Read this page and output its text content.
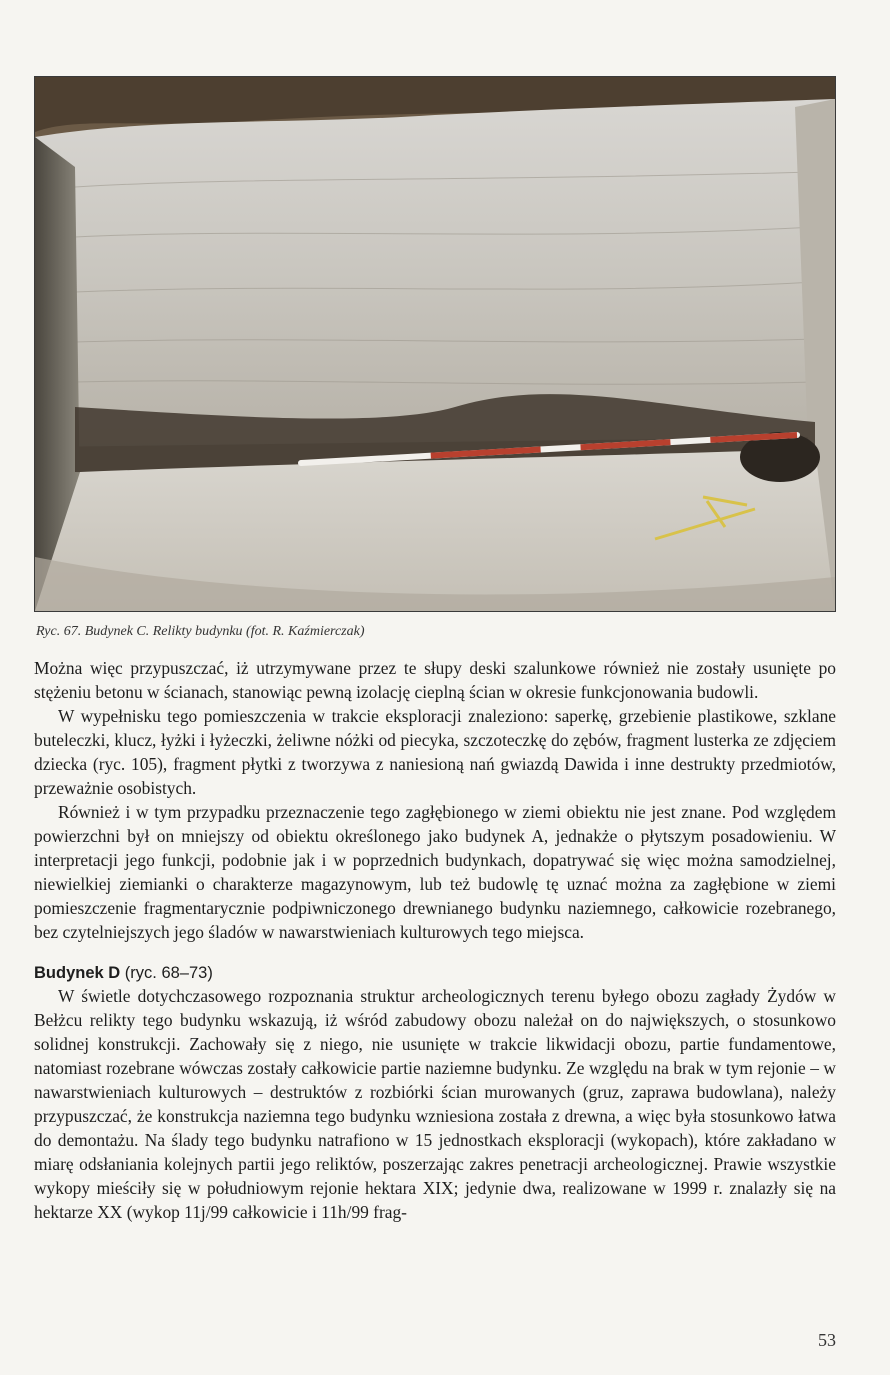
Ryc. 67. Budynek C. Relikty budynku (fot. R. Kaźmierczak)

Można więc przypuszczać, iż utrzymywane przez te słupy deski szalunkowe również nie zostały usunięte po stężeniu betonu w ścianach, stanowiąc pewną izolację cieplną ścian w okresie funkcjonowania budowli.

W wypełnisku tego pomieszczenia w trakcie eksploracji znaleziono: saperkę, grzebienie plastikowe, szklane buteleczki, klucz, łyżki i łyżeczki, żeliwne nóżki od piecyka, szczoteczkę do zębów, fragment lusterka ze zdjęciem dziecka (ryc. 105), fragment płytki z tworzywa z naniesioną nań gwiazdą Dawida i inne destrukty przedmiotów, przeważnie osobistych.

Również i w tym przypadku przeznaczenie tego zagłębionego w ziemi obiektu nie jest znane. Pod względem powierzchni był on mniejszy od obiektu określonego jako budynek A, jednakże o płytszym posadowieniu. W interpretacji jego funkcji, podobnie jak i w poprzednich budynkach, dopatrywać się więc można samodzielnej, niewielkiej ziemianki o charakterze magazynowym, lub też budowlę tę uznać można za zagłębione w ziemi pomieszczenie fragmentarycznie podpiwniczonego drewnianego budynku naziemnego, całkowicie rozebranego, bez czytelniejszych jego śladów w nawarstwieniach kulturowych tego miejsca.

Budynek D (ryc. 68–73)

W świetle dotychczasowego rozpoznania struktur archeologicznych terenu byłego obozu zagłady Żydów w Bełżcu relikty tego budynku wskazują, iż wśród zabudowy obozu należał on do największych, o stosunkowo solidnej konstrukcji. Zachowały się z niego, nie usunięte w trakcie likwidacji obozu, partie fundamentowe, natomiast rozebrane wówczas zostały całkowicie partie naziemne budynku. Ze względu na brak w tym rejonie – w nawarstwieniach kulturowych – destruktów z rozbiórki ścian murowanych (gruz, zaprawa budowlana), należy przypuszczać, że konstrukcja naziemna tego budynku wzniesiona została z drewna, a więc była stosunkowo łatwa do demontażu. Na ślady tego budynku natrafiono w 15 jednostkach eksploracji (wykopach), które zakładano w miarę odsłaniania kolejnych partii jego reliktów, poszerzając zakres penetracji archeologicznej. Prawie wszystkie wykopy mieściły się w południowym rejonie hektara XIX; jedynie dwa, realizowane w 1999 r. znalazły się na hektarze XX (wykop 11j/99 całkowicie i 11h/99 frag-

53
